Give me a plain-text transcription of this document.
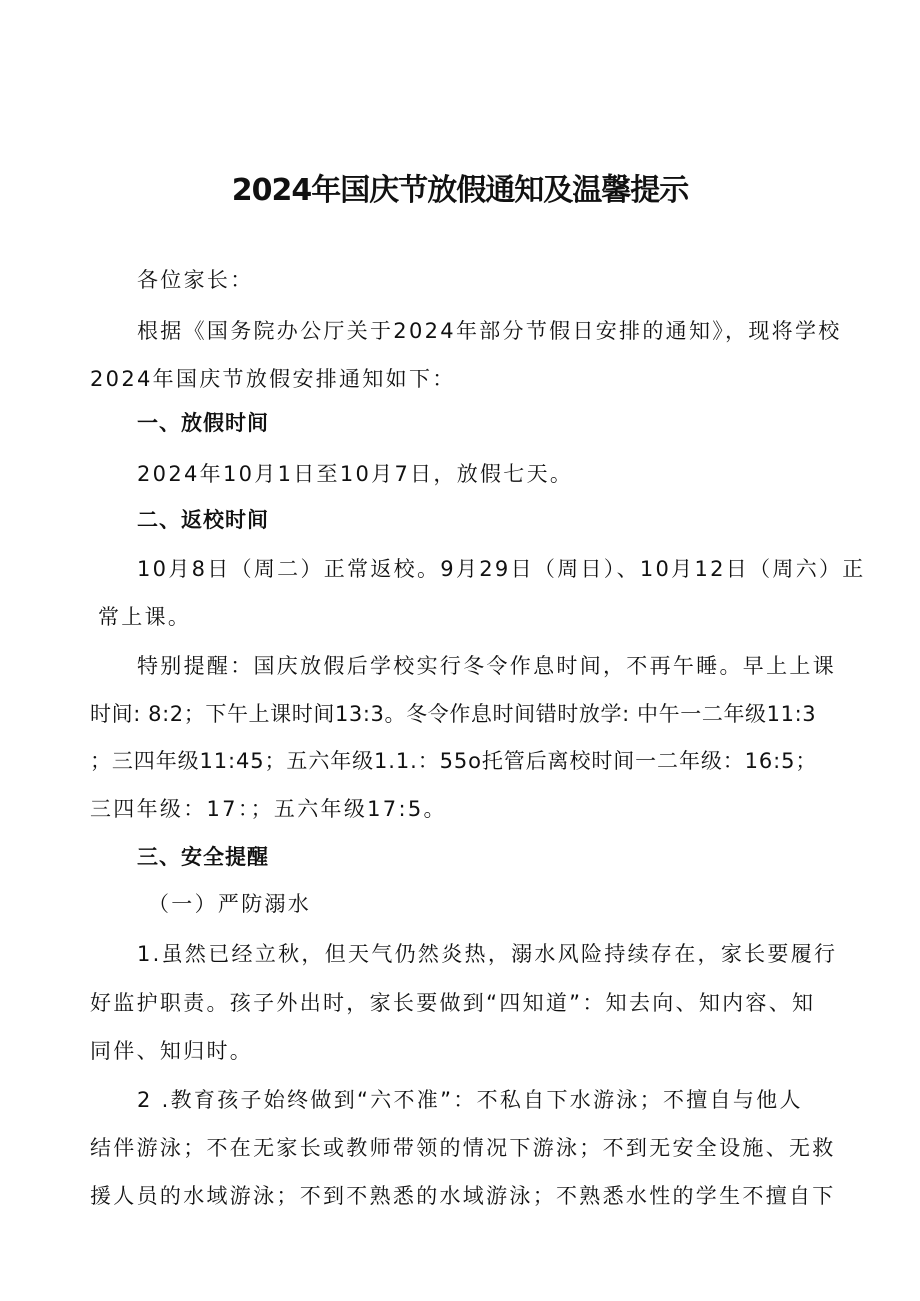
2024年国庆节放假通知及温馨提示
各位家长：
根据《国务院办公厅关于2024年部分节假日安排的通知》，现将学校
2024年国庆节放假安排通知如下：
一、放假时间
2024年10月1日至10月7日，放假七天。
二、返校时间
10月8日（周二）正常返校。9月29日（周日）、10月12日（周六）正
常上课。
特别提醒：国庆放假后学校实行冬令作息时间，不再午睡。早上上课
时间: 8:2；下午上课时间13:3。冬令作息时间错时放学: 中午一二年级11:3
；三四年级11:45；五六年级1.1.：55o托管后离校时间一二年级：16:5；
三四年级：17：；五六年级17:5。
三、安全提醒
（一）严防溺水
1.虽然已经立秋，但天气仍然炎热，溺水风险持续存在，家长要履行
好监护职责。孩子外出时，家长要做到“四知道”：知去向、知内容、知
同伴、知归时。
2 .教育孩子始终做到“六不准”：不私自下水游泳；不擅自与他人
结伴游泳；不在无家长或教师带领的情况下游泳；不到无安全设施、无救
援人员的水域游泳；不到不熟悉的水域游泳；不熟悉水性的学生不擅自下
